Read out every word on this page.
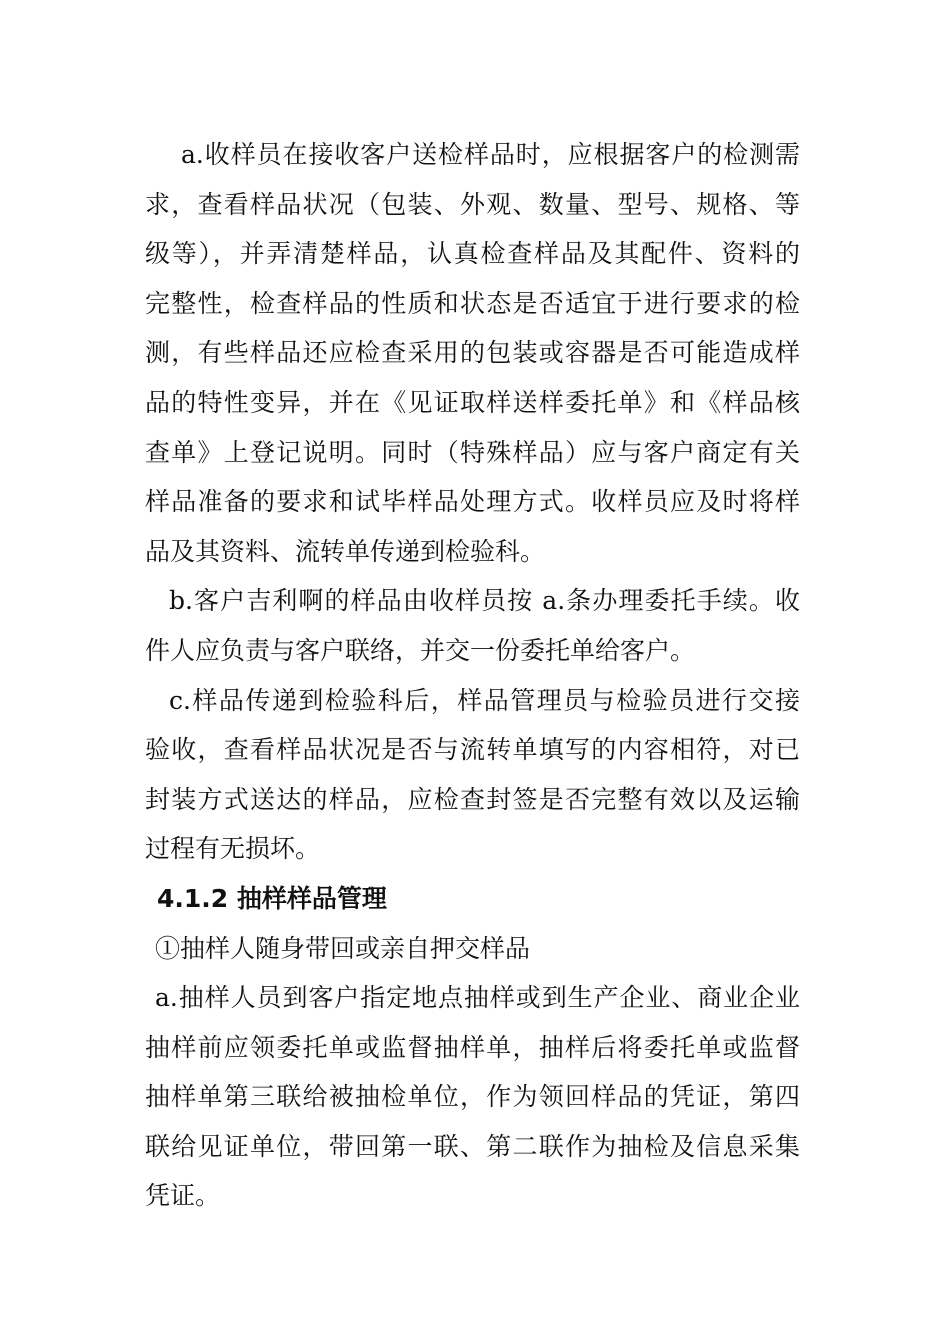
a.收样员在接收客户送检样品时，应根据客户的检测需
求，查看样品状况（包装、外观、数量、型号、规格、等
级等），并弄清楚样品，认真检查样品及其配件、资料的
完整性，检查样品的性质和状态是否适宜于进行要求的检
测，有些样品还应检查采用的包装或容器是否可能造成样
品的特性变异，并在《见证取样送样委托单》和《样品核
查单》上登记说明。同时（特殊样品）应与客户商定有关
样品准备的要求和试毕样品处理方式。收样员应及时将样
品及其资料、流转单传递到检验科。
b.客户吉利啊的样品由收样员按 a.条办理委托手续。收
件人应负责与客户联络，并交一份委托单给客户。
c.样品传递到检验科后，样品管理员与检验员进行交接
验收，查看样品状况是否与流转单填写的内容相符，对已
封装方式送达的样品，应检查封签是否完整有效以及运输
过程有无损坏。
4.1.2 抽样样品管理
①抽样人随身带回或亲自押交样品
a.抽样人员到客户指定地点抽样或到生产企业、商业企业
抽样前应领委托单或监督抽样单，抽样后将委托单或监督
抽样单第三联给被抽检单位，作为领回样品的凭证，第四
联给见证单位，带回第一联、第二联作为抽检及信息采集
凭证。
